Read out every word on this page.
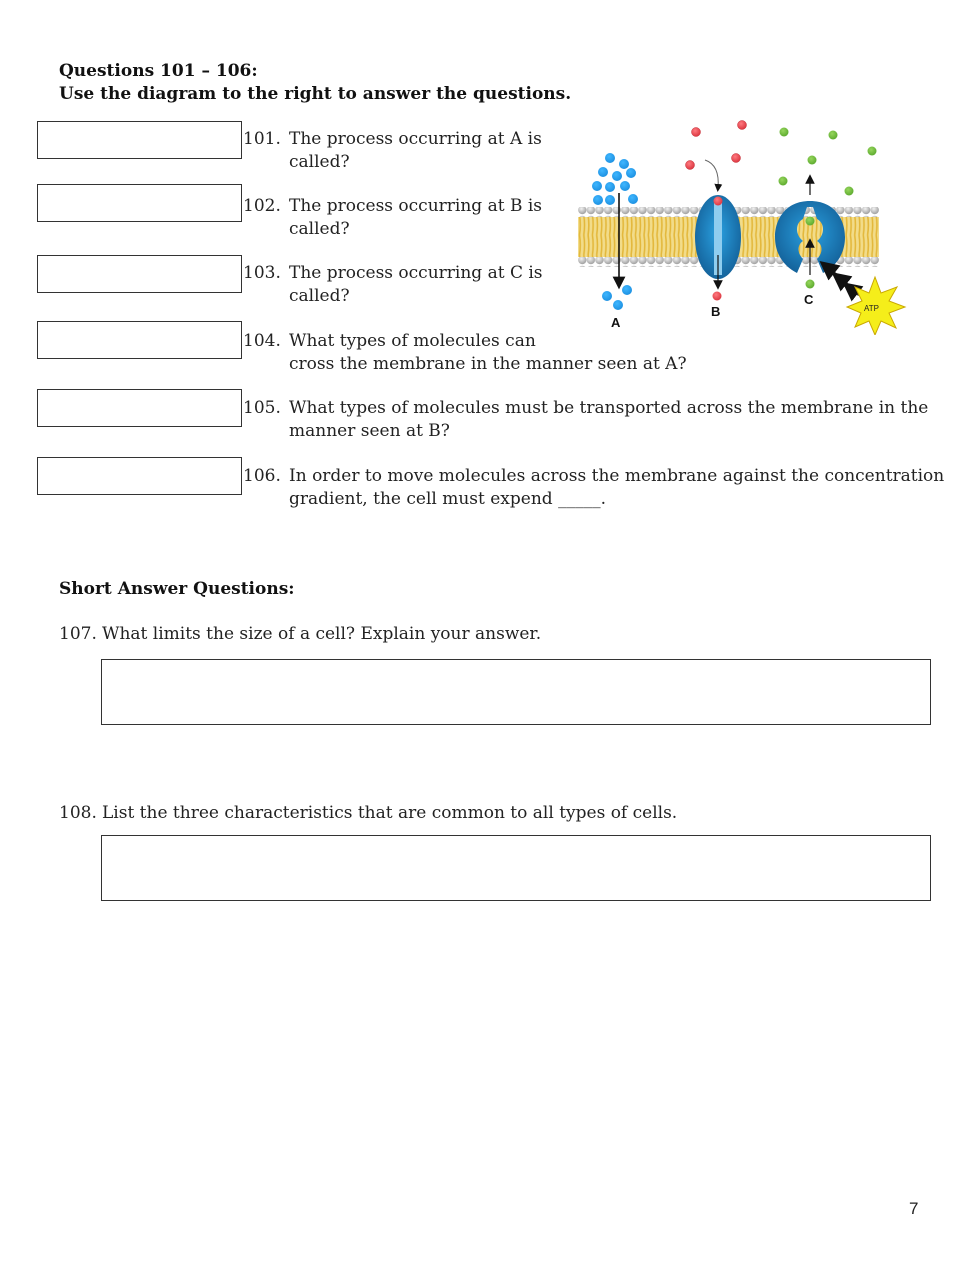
Questions 101 – 106:
Use the diagram to the right to answer the questions.
101. The process occurring at A is
called?
102. The process occurring at B is
called?
103. The process occurring at C is
called?
104. What types of molecules can
cross the membrane in the manner seen at A?
105. What types of molecules must be transported across the membrane in the
manner seen at B?
106. In order to move molecules across the membrane against the concentration
gradient, the cell must expend _____.
A
B
C
ATP
Short Answer Questions:
107. What limits the size of a cell? Explain your answer.
108. List the three characteristics that are common to all types of cells.
7
